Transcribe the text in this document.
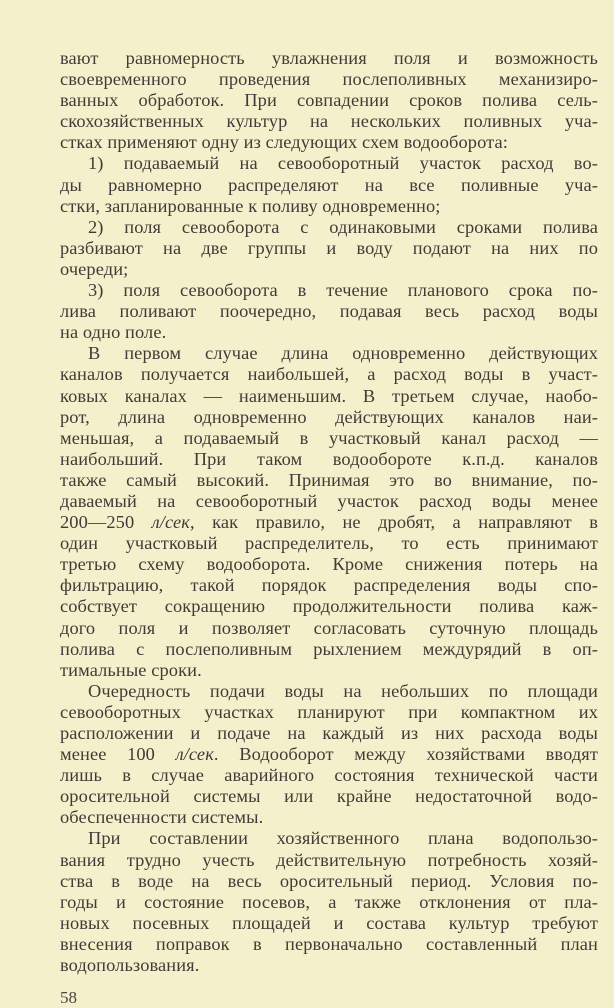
вают равномерность увлажнения поля и возможность
своевременного проведения послеполивных механизиро-
ванных обработок. При совпадении сроков полива сель-
скохозяйственных культур на нескольких поливных уча-
стках применяют одну из следующих схем водооборота:
1) подаваемый на севооборотный участок расход во-
ды равномерно распределяют на все поливные уча-
стки, запланированные к поливу одновременно;
2) поля севооборота с одинаковыми сроками полива
разбивают на две группы и воду подают на них по
очереди;
3) поля севооборота в течение планового срока по-
лива поливают поочередно, подавая весь расход воды
на одно поле.
В первом случае длина одновременно действующих
каналов получается наибольшей, а расход воды в участ-
ковых каналах — наименьшим. В третьем случае, наобо-
рот, длина одновременно действующих каналов наи-
меньшая, а подаваемый в участковый канал расход —
наибольший. При таком водообороте к.п.д. каналов
также самый высокий. Принимая это во внимание, по-
даваемый на севооборотный участок расход воды менее
200—250 л/сек, как правило, не дробят, а направляют в
один участковый распределитель, то есть принимают
третью схему водооборота. Кроме снижения потерь на
фильтрацию, такой порядок распределения воды спо-
собствует сокращению продолжительности полива каж-
дого поля и позволяет согласовать суточную площадь
полива с послеполивным рыхлением междурядий в оп-
тимальные сроки.
Очередность подачи воды на небольших по площади
севооборотных участках планируют при компактном их
расположении и подаче на каждый из них расхода воды
менее 100 л/сек. Водооборот между хозяйствами вводят
лишь в случае аварийного состояния технической части
оросительной системы или крайне недостаточной водо-
обеспеченности системы.
При составлении хозяйственного плана водопользо-
вания трудно учесть действительную потребность хозяй-
ства в воде на весь оросительный период. Условия по-
годы и состояние посевов, а также отклонения от пла-
новых посевных площадей и состава культур требуют
внесения поправок в первоначально составленный план
водопользования.
58
